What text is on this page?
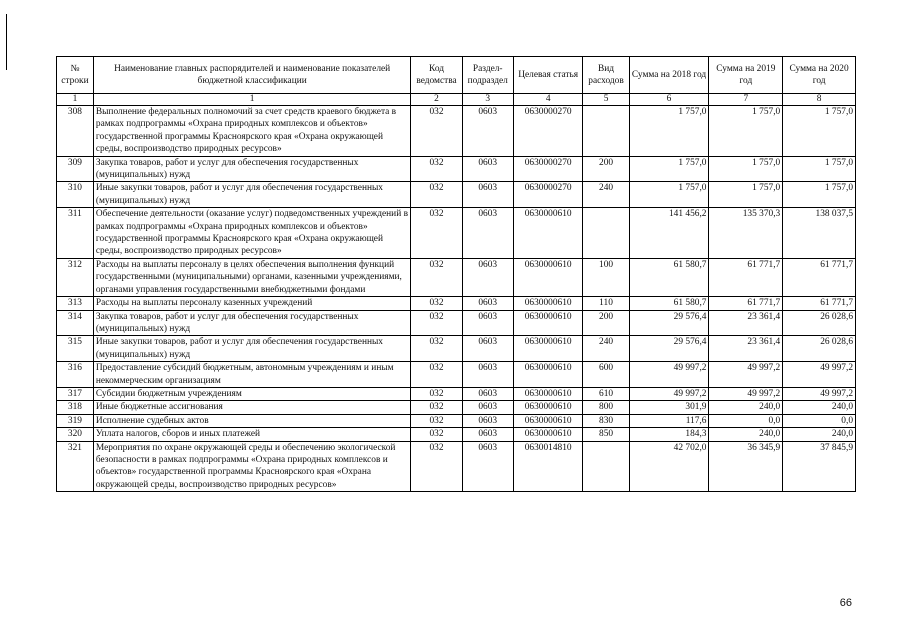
№ строки	Наименование главных распорядителей и наименование показателей бюджетной классификации	Код ведомства	Раздел-подраздел	Целевая статья	Вид расходов	Сумма на 2018 год	Сумма на 2019 год	Сумма на 2020 год
1	1	2	3	4	5	6	7	8
308	Выполнение федеральных полномочий за счет средств краевого бюджета в рамках подпрограммы «Охрана природных комплексов и объектов» государственной программы Красноярского края «Охрана окружающей среды, воспроизводство природных ресурсов»	032	0603	0630000270		1 757,0	1 757,0	1 757,0
309	Закупка товаров, работ и услуг для обеспечения государственных (муниципальных) нужд	032	0603	0630000270	200	1 757,0	1 757,0	1 757,0
310	Иные закупки товаров, работ и услуг для обеспечения государственных (муниципальных) нужд	032	0603	0630000270	240	1 757,0	1 757,0	1 757,0
311	Обеспечение деятельности (оказание услуг) подведомственных учреждений в рамках подпрограммы «Охрана природных комплексов и объектов» государственной программы Красноярского края «Охрана окружающей среды, воспроизводство природных ресурсов»	032	0603	0630000610		141 456,2	135 370,3	138 037,5
312	Расходы на выплаты персоналу в целях обеспечения выполнения функций государственными (муниципальными) органами, казенными учреждениями, органами управления государственными внебюджетными фондами	032	0603	0630000610	100	61 580,7	61 771,7	61 771,7
313	Расходы на выплаты персоналу казенных учреждений	032	0603	0630000610	110	61 580,7	61 771,7	61 771,7
314	Закупка товаров, работ и услуг для обеспечения государственных (муниципальных) нужд	032	0603	0630000610	200	29 576,4	23 361,4	26 028,6
315	Иные закупки товаров, работ и услуг для обеспечения государственных (муниципальных) нужд	032	0603	0630000610	240	29 576,4	23 361,4	26 028,6
316	Предоставление субсидий бюджетным, автономным учреждениям и иным некоммерческим организациям	032	0603	0630000610	600	49 997,2	49 997,2	49 997,2
317	Субсидии бюджетным учреждениям	032	0603	0630000610	610	49 997,2	49 997,2	49 997,2
318	Иные бюджетные ассигнования	032	0603	0630000610	800	301,9	240,0	240,0
319	Исполнение судебных актов	032	0603	0630000610	830	117,6	0,0	0,0
320	Уплата налогов, сборов и иных платежей	032	0603	0630000610	850	184,3	240,0	240,0
321	Мероприятия по охране окружающей среды и обеспечению экологической безопасности в рамках подпрограммы «Охрана природных комплексов и объектов» государственной программы Красноярского края «Охрана окружающей среды, воспроизводство природных ресурсов»	032	0603	0630014810		42 702,0	36 345,9	37 845,9
66
